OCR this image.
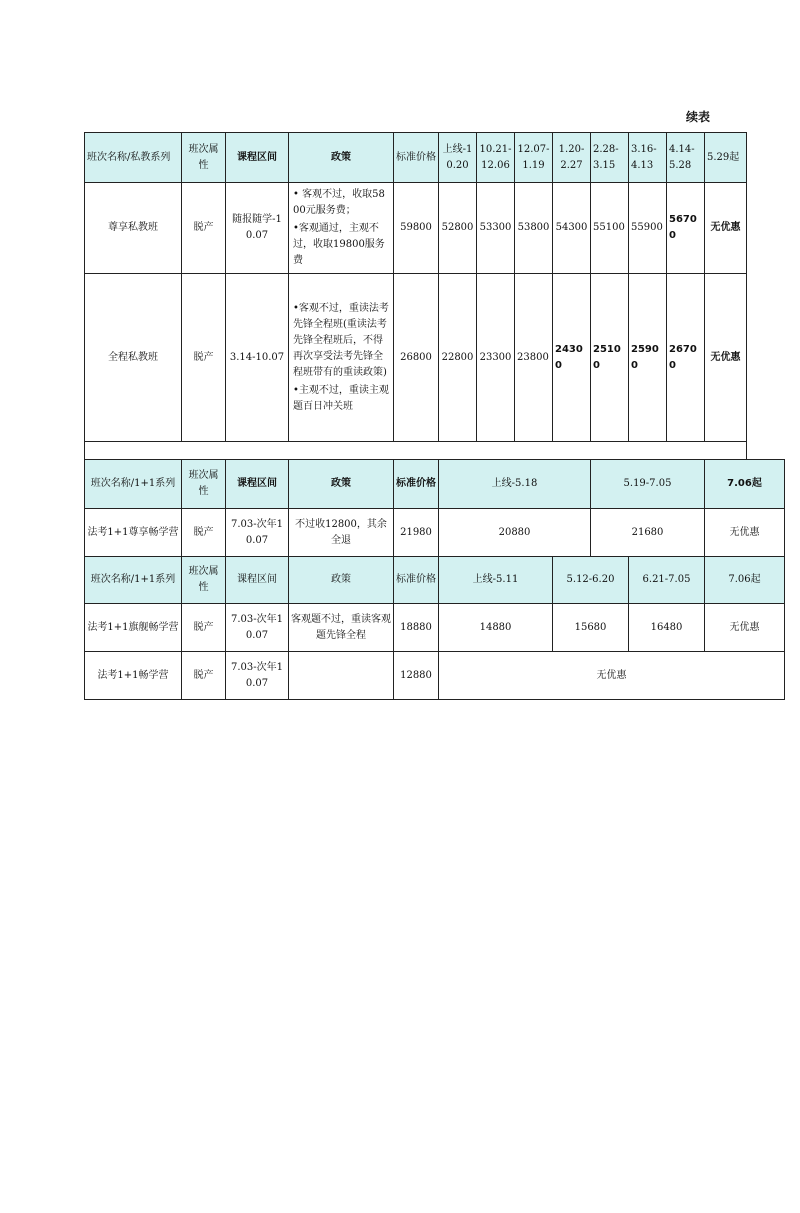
续表
班次名称/私教系列	班次属性	课程区间	政策	标准价格	上线-10.20	10.21-12.06	12.07-1.19	1.20-2.27	2.28-3.15	3.16-4.13	4.14-5.28	5.29起
尊享私教班	脱产	随报随学-10.07	• 客观不过，收取5800元服务费；

•客观通过，主观不过，收取19800服务费	59800	52800	53300	53800	54300	55100	55900	56700	无优惠
全程私教班	脱产	3.14-10.07	•客观不过，重读法考先锋全程班(重读法考先锋全程班后，不得再次享受法考先锋全程班带有的重读政策)

•主观不过，重读主观题百日冲关班	26800	22800	23300	23800	24300	25100	25900	26700	无优惠

班次名称/1+1系列	班次属性	课程区间	政策	标准价格	上线-5.18		5.19-7.05		7.06起
法考1+1尊享畅学营	脱产	7.03-次年10.07	不过收12800，其余全退	21980	20880		21680		无优惠
班次名称/1+1系列	班次属性	课程区间	政策	标准价格	上线-5.11	5.12-6.20		6.21-7.05	7.06起
法考1+1旗舰畅学营	脱产	7.03-次年10.07	客观题不过，重读客观题先锋全程	18880	14880	15680		16480	无优惠
法考1+1畅学营	脱产	7.03-次年10.07		12880	无优惠				
